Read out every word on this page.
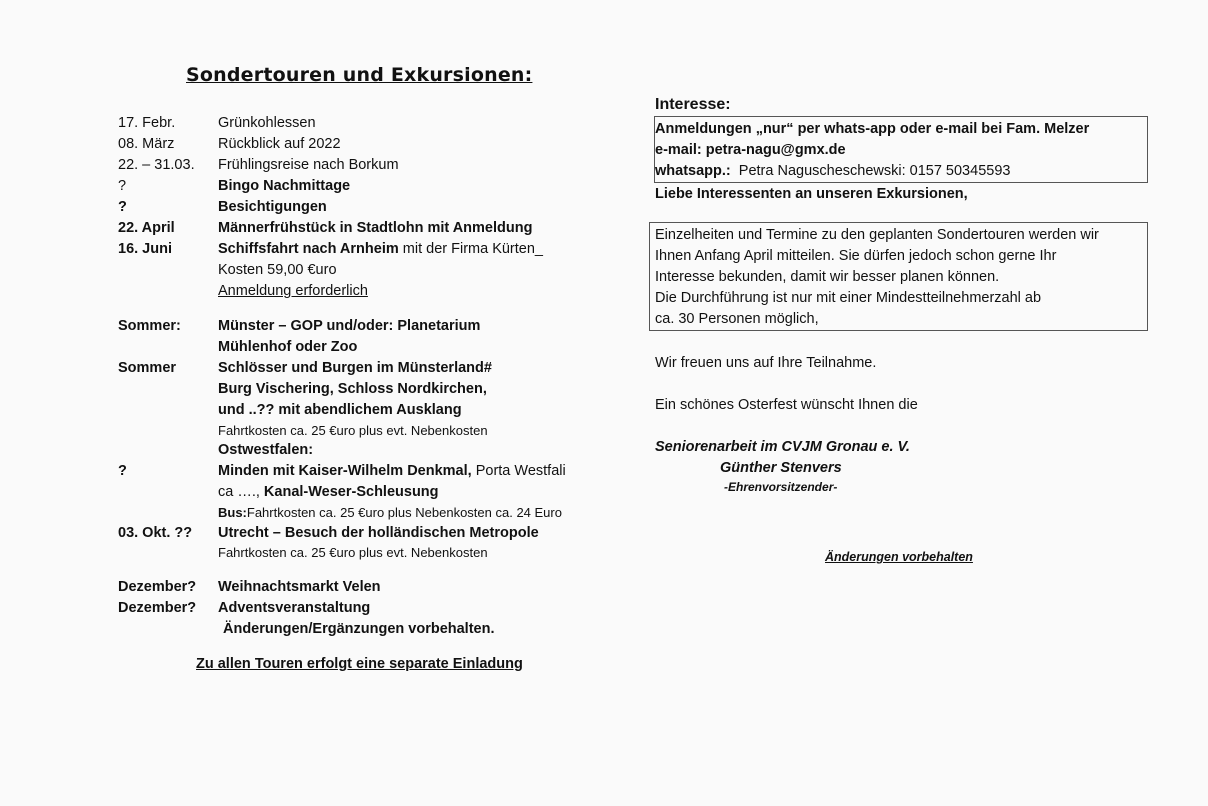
Sondertouren und Exkursionen:
17. Febr.	Grünkohlessen
08. März	Rückblick auf 2022
22. – 31.03. Frühlingsreise nach Borkum
?	Bingo Nachmittage
?	Besichtigungen
22. April	Männerfrühstück in Stadtlohn mit Anmeldung
16. Juni	Schiffsfahrt nach Arnheim mit der Firma Kürten_
Kosten 59,00 €uro
Anmeldung erforderlich
Sommer:	Münster – GOP und/oder: Planetarium
Mühlenhof oder Zoo
Sommer	Schlösser und Burgen im Münsterland#
Burg Vischering, Schloss Nordkirchen,
und ..?? mit abendlichem Ausklang
Fahrtkosten ca. 25 €uro plus evt. Nebenkosten
Ostwestfalen:
?	Minden mit Kaiser-Wilhelm Denkmal, Porta Westfali
ca …., Kanal-Weser-Schleusung
Bus:Fahrtkosten ca. 25 €uro plus Nebenkosten ca. 24 Euro
03. Okt. ?? Utrecht – Besuch der holländischen Metropole
Fahrtkosten ca. 25 €uro plus evt. Nebenkosten
Dezember? Weihnachtsmarkt Velen
Dezember? Adventsveranstaltung
Änderungen/Ergänzungen vorbehalten.
Zu allen Touren erfolgt eine separate Einladung
Interesse:
Anmeldungen „nur“ per whats-app oder e-mail bei Fam. Melzer
e-mail: petra-nagu@gmx.de
whatsapp.:  Petra Naguscheschewski: 0157 50345593
Liebe Interessenten an unseren Exkursionen,
Einzelheiten und Termine zu den geplanten Sondertouren werden wir
Ihnen Anfang April mitteilen. Sie dürfen jedoch schon gerne Ihr
Interesse bekunden, damit wir besser planen können.
Die Durchführung ist nur mit einer Mindestteilnehmerzahl ab
ca. 30 Personen möglich,
Wir freuen uns auf Ihre Teilnahme.
Ein schönes Osterfest wünscht Ihnen die
Seniorenarbeit im CVJM Gronau e. V.
Günther Stenvers
-Ehrenvorsitzender-
Änderungen vorbehalten
